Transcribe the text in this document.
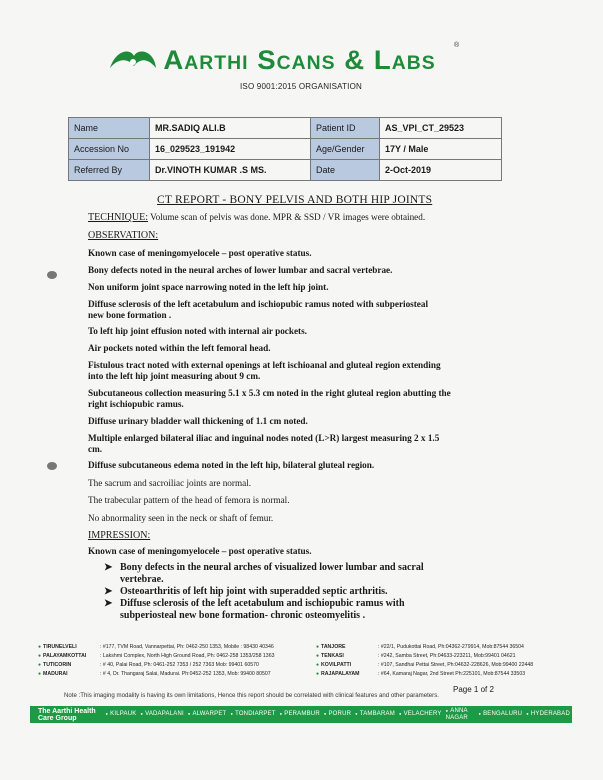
Aarthi Scans & Labs	®
ISO 9001:2015 ORGANISATION
Name	MR.SADIQ ALI.B	Patient ID	AS_VPI_CT_29523
Accession No	16_029523_191942	Age/Gender	17Y / Male
Referred By	Dr.VINOTH KUMAR .S MS.	Date	2-Oct-2019
CT REPORT - BONY PELVIS AND BOTH HIP JOINTS
TECHNIQUE: Volume scan of pelvis was done. MPR & SSD / VR images were obtained.
OBSERVATION:
Known case of meningomyelocele – post operative status.
Bony defects noted in the neural arches of lower lumbar and sacral vertebrae.
Non uniform joint space narrowing noted in the left hip joint.
Diffuse sclerosis of the left acetabulum and ischiopubic ramus noted with subperiosteal
new bone formation .
To left hip joint effusion noted with internal air pockets.
Air pockets noted within the left femoral head.
Fistulous tract noted with external openings at left ischioanal and gluteal region extending
into the left hip joint measuring about 9 cm.
Subcutaneous collection measuring 5.1 x 5.3 cm noted in the right gluteal region abutting the
right ischiopubic ramus.
Diffuse urinary bladder wall thickening of 1.1 cm noted.
Multiple enlarged bilateral iliac and inguinal nodes noted (L>R) largest measuring 2 x 1.5
cm.
Diffuse subcutaneous edema noted in the left hip, bilateral gluteal region.
The sacrum and sacroiliac joints are normal.
The trabecular pattern of the head of femora is normal.
No abnormality seen in the neck or shaft of femur.
IMPRESSION:
Known case of meningomyelocele – post operative status.
➤ Bony defects in the neural arches of visualized lower lumbar and sacral
vertebrae.
➤ Osteoarthritis of left hip joint with superadded septic arthritis.
➤ Diffuse sclerosis of the left acetabulum and ischiopubic ramus with
subperiosteal new bone formation- chronic osteomyelitis .
● TIRUNELVELI	: #177, TVM Road, Vannarpettai, Ph: 0462-250 1353, Mobile : 98430 40346	● TANJORE	: #22/1, Pudukottai Road, Ph:04362-279914, Mob:87544 36504
● PALAYAMKOTTAI	: Lakshmi Complex, North High Ground Road, Ph: 0462-258 1353/258 1363	● TENKASI	: #242, Samba Street, Ph:04633-223211, Mob:99401 04621
● TUTICORIN	: # 40, Palai Road, Ph: 0461-252 7353 / 252 7363 Mob: 99401 60570	● KOVILPATTI	: #107, Sandhai Pettai Street, Ph:04632-228626, Mob:99400 22448
● MADURAI	: # 4, Dr. Thangaraj Salai, Madurai. Ph:0452-252 1353, Mob: 99400 80507	● RAJAPALAYAM	: #64, Kamaraj Nagar, 2nd Street Ph:225101, Mob:87544 33503
Page 1 of 2
Note :This imaging modality is having its own limitations, Hence this report should be correlated with clinical features and other parameters.
The Aarthi Health Care Group	● KILPAUK	● VADAPALANI	● ALWARPET	● TONDIARPET	● PERAMBUR	● PORUR	● TAMBARAM	● VELACHERY	● ANNA NAGAR	● BENGALURU	● HYDERABAD
